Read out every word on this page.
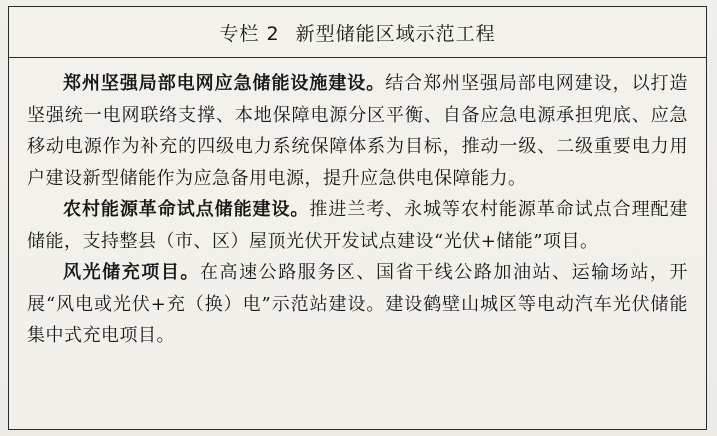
专栏 2 新型储能区域示范工程

郑州坚强局部电网应急储能设施建设。结合郑州坚强局部电网建设，以打造坚强统一电网联络支撑、本地保障电源分区平衡、自备应急电源承担兜底、应急移动电源作为补充的四级电力系统保障体系为目标，推动一级、二级重要电力用户建设新型储能作为应急备用电源，提升应急供电保障能力。

农村能源革命试点储能建设。推进兰考、永城等农村能源革命试点合理配建储能，支持整县（市、区）屋顶光伏开发试点建设“光伏+储能”项目。

风光储充项目。在高速公路服务区、国省干线公路加油站、运输场站，开展“风电或光伏+充（换）电”示范站建设。建设鹤壁山城区等电动汽车光伏储能集中式充电项目。
